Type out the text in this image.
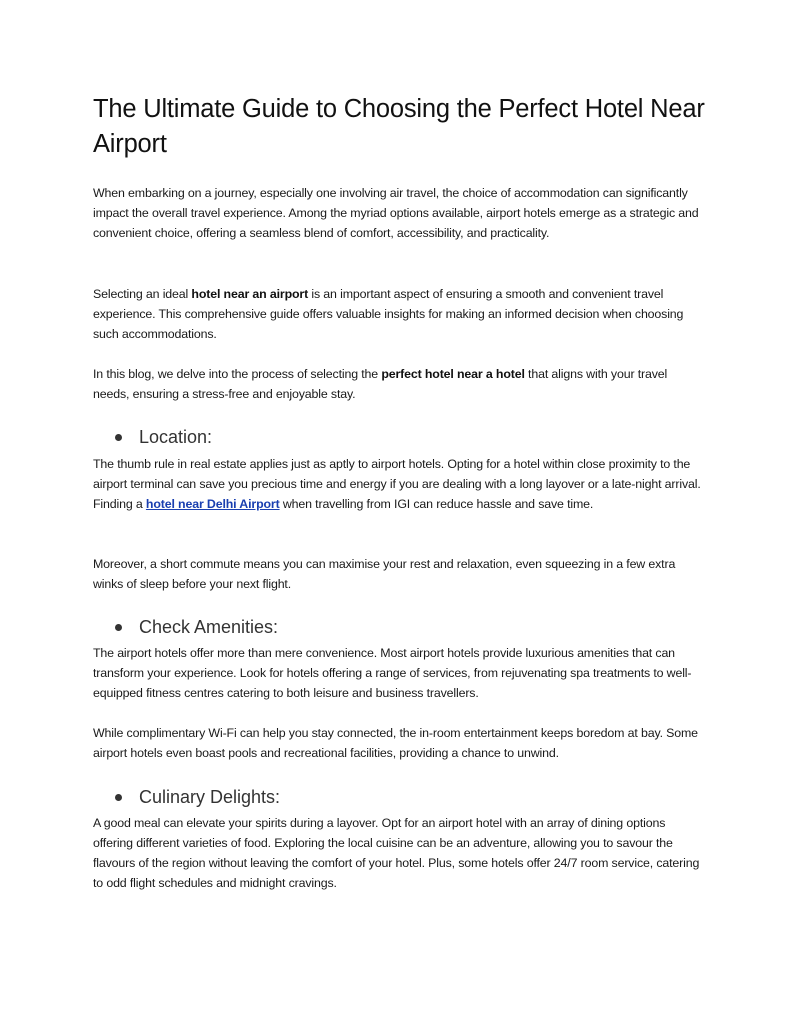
The Ultimate Guide to Choosing the Perfect Hotel Near Airport

When embarking on a journey, especially one involving air travel, the choice of accommodation can significantly impact the overall travel experience. Among the myriad options available, airport hotels emerge as a strategic and convenient choice, offering a seamless blend of comfort, accessibility, and practicality.

Selecting an ideal hotel near an airport is an important aspect of ensuring a smooth and convenient travel experience. This comprehensive guide offers valuable insights for making an informed decision when choosing such accommodations.

In this blog, we delve into the process of selecting the perfect hotel near a hotel that aligns with your travel needs, ensuring a stress-free and enjoyable stay.

Location:

The thumb rule in real estate applies just as aptly to airport hotels. Opting for a hotel within close proximity to the airport terminal can save you precious time and energy if you are dealing with a long layover or a late-night arrival. Finding a hotel near Delhi Airport when travelling from IGI can reduce hassle and save time.

Moreover, a short commute means you can maximise your rest and relaxation, even squeezing in a few extra winks of sleep before your next flight.

Check Amenities:

The airport hotels offer more than mere convenience. Most airport hotels provide luxurious amenities that can transform your experience. Look for hotels offering a range of services, from rejuvenating spa treatments to well-equipped fitness centres catering to both leisure and business travellers.

While complimentary Wi-Fi can help you stay connected, the in-room entertainment keeps boredom at bay. Some airport hotels even boast pools and recreational facilities, providing a chance to unwind.

Culinary Delights:

A good meal can elevate your spirits during a layover. Opt for an airport hotel with an array of dining options offering different varieties of food. Exploring the local cuisine can be an adventure, allowing you to savour the flavours of the region without leaving the comfort of your hotel. Plus, some hotels offer 24/7 room service, catering to odd flight schedules and midnight cravings.
